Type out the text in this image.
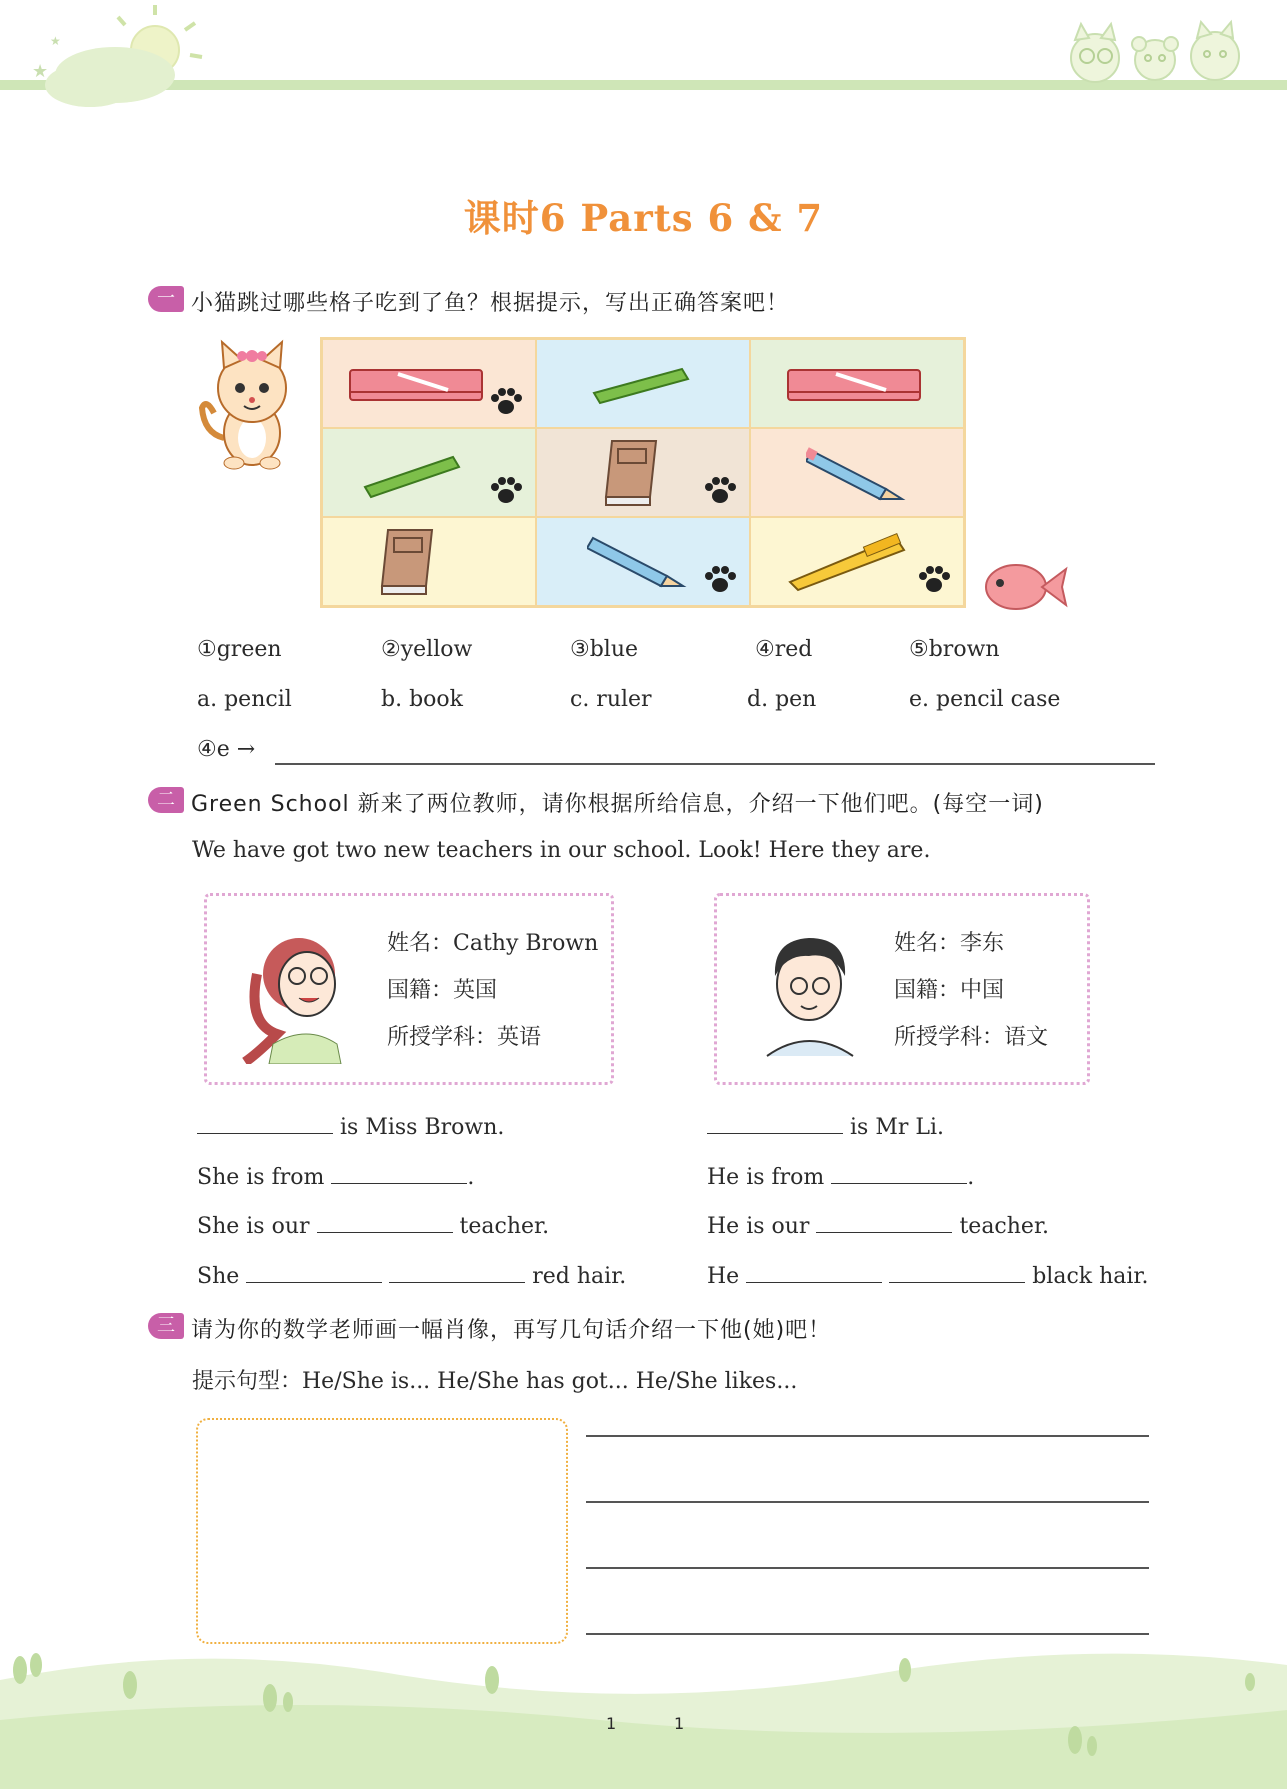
★
★
课时6 Parts 6 & 7
一 小猫跳过哪些格子吃到了鱼？根据提示，写出正确答案吧！
①green	②yellow	③blue	④red	⑤brown
a. pencil	b. book	c. ruler	d. pen	e. pencil case
④e →
二 Green School 新来了两位教师，请你根据所给信息，介绍一下他们吧。(每空一词)
We have got two new teachers in our school. Look! Here they are.
姓名：Cathy Brown
国籍：英国
所授学科：英语
姓名：李东
国籍：中国
所授学科：语文
is Miss Brown.
She is from	.
She is our	teacher.
She	red hair.
is Mr Li.
He is from	.
He is our	teacher.
He	black hair.
三 请为你的数学老师画一幅肖像，再写几句话介绍一下他(她)吧！
提示句型：He/She is... He/She has got... He/She likes...
1	1
